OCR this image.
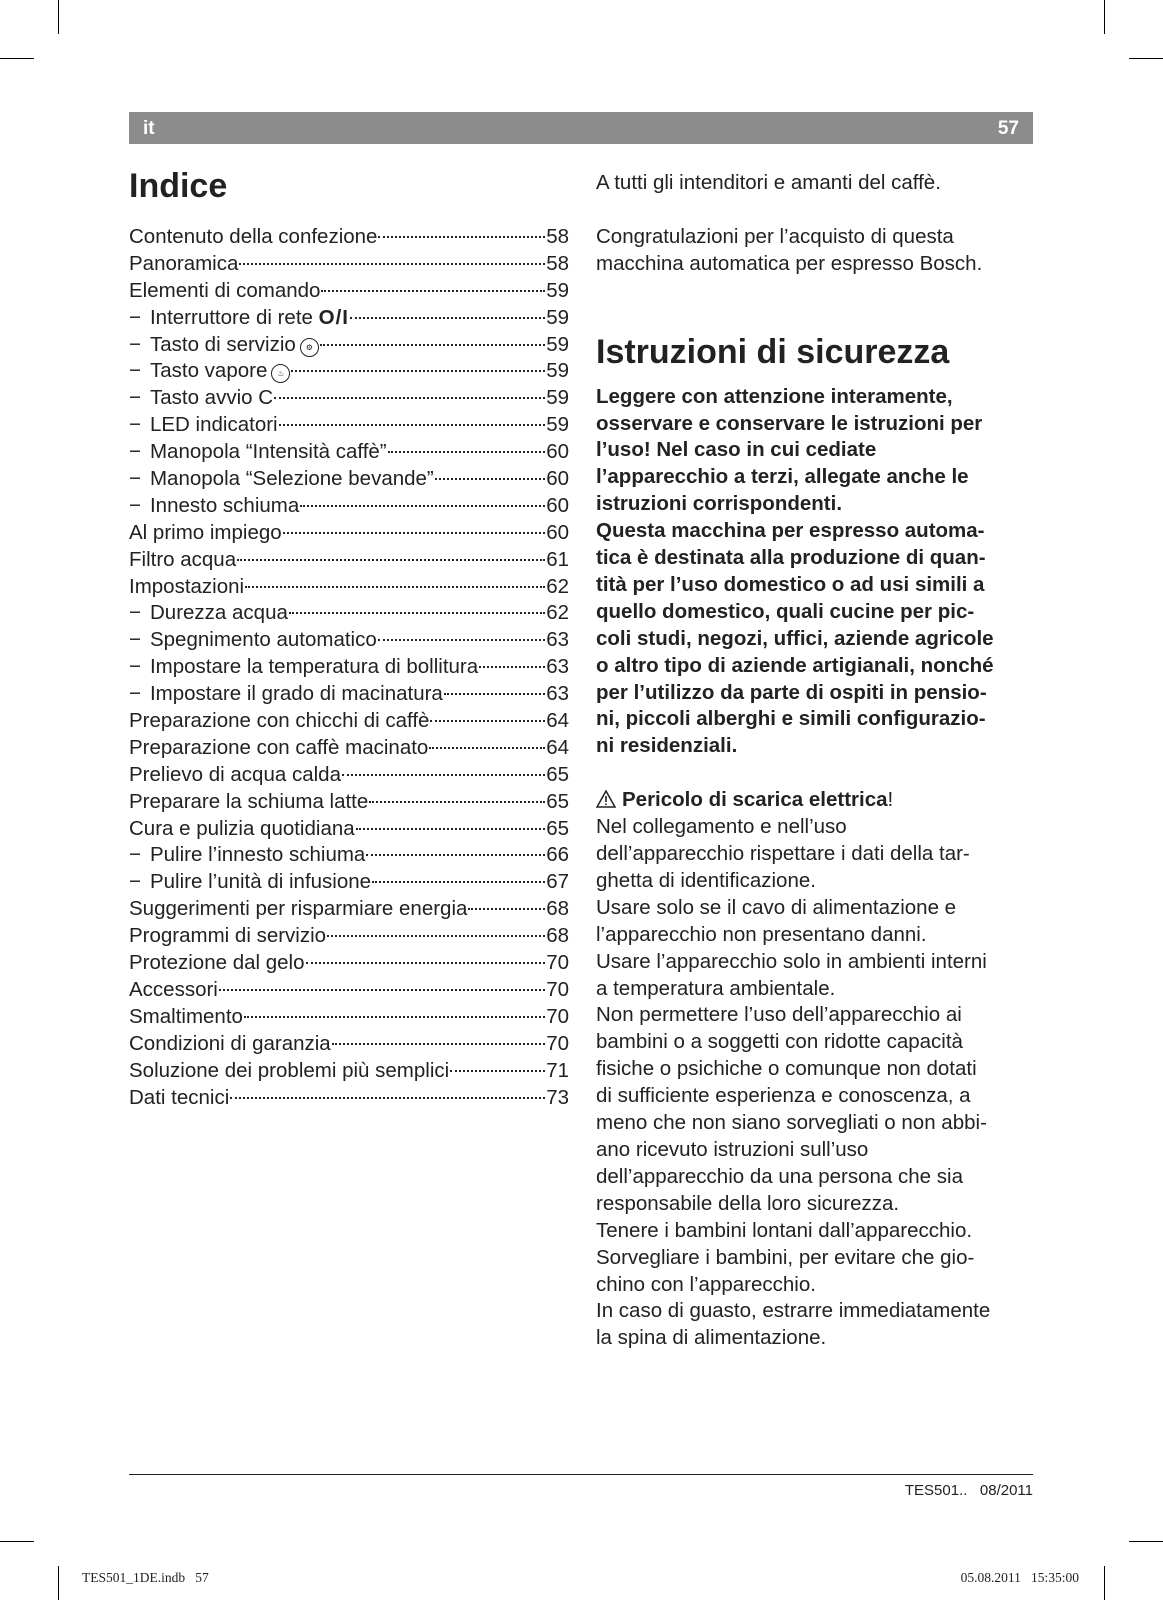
it	57
Indice
Contenuto della confezione	58
Panoramica	58
Elementi di comando	59
− Interruttore di rete O/I	59
− Tasto di servizio ⚙	59
− Tasto vapore ♨	59
− Tasto avvio C	59
− LED indicatori	59
− Manopola “Intensità caffè”	60
− Manopola “Selezione bevande”	60
− Innesto schiuma	60
Al primo impiego	60
Filtro acqua	61
Impostazioni	62
− Durezza acqua	62
− Spegnimento automatico	63
− Impostare la temperatura di bollitura	63
− Impostare il grado di macinatura	63
Preparazione con chicchi di caffè	64
Preparazione con caffè macinato	64
Prelievo di acqua calda	65
Preparare la schiuma latte	65
Cura e pulizia quotidiana	65
− Pulire l’innesto schiuma	66
− Pulire l’unità di infusione	67
Suggerimenti per risparmiare energia	68
Programmi di servizio	68
Protezione dal gelo	70
Accessori	70
Smaltimento	70
Condizioni di garanzia	70
Soluzione dei problemi più semplici	71
Dati tecnici	73

A tutti gli intenditori e amanti del caffè.

Congratulazioni per l’acquisto di questa
macchina automatica per espresso Bosch.

Istruzioni di sicurezza

Leggere con attenzione interamente,
osservare e conservare le istruzioni per
l’uso! Nel caso in cui cediate
l’apparecchio a terzi, allegate anche le
istruzioni corrispondenti.
Questa macchina per espresso automa-
tica è destinata alla produzione di quan-
tità per l’uso domestico o ad usi simili a
quello domestico, quali cucine per pic-
coli studi, negozi, uffici, aziende agricole
o altro tipo di aziende artigianali, nonché
per l’utilizzo da parte di ospiti in pensio-
ni, piccoli alberghi e simili configurazio-
ni residenziali.

Pericolo di scarica elettrica!

Nel collegamento e nell’uso
dell’apparecchio rispettare i dati della tar-
ghetta di identificazione.
Usare solo se il cavo di alimentazione e
l’apparecchio non presentano danni.
Usare l’apparecchio solo in ambienti interni
a temperatura ambientale.
Non permettere l’uso dell’apparecchio ai
bambini o a soggetti con ridotte capacità
fisiche o psichiche o comunque non dotati
di sufficiente esperienza e conoscenza, a
meno che non siano sorvegliati o non abbi-
ano ricevuto istruzioni sull’uso
dell’apparecchio da una persona che sia
responsabile della loro sicurezza.
Tenere i bambini lontani dall’apparecchio.
Sorvegliare i bambini, per evitare che gio-
chino con l’apparecchio.
In caso di guasto, estrarre immediatamente
la spina di alimentazione.

TES501..   08/2011
TES501_1DE.indb   57	05.08.2011   15:35:00
